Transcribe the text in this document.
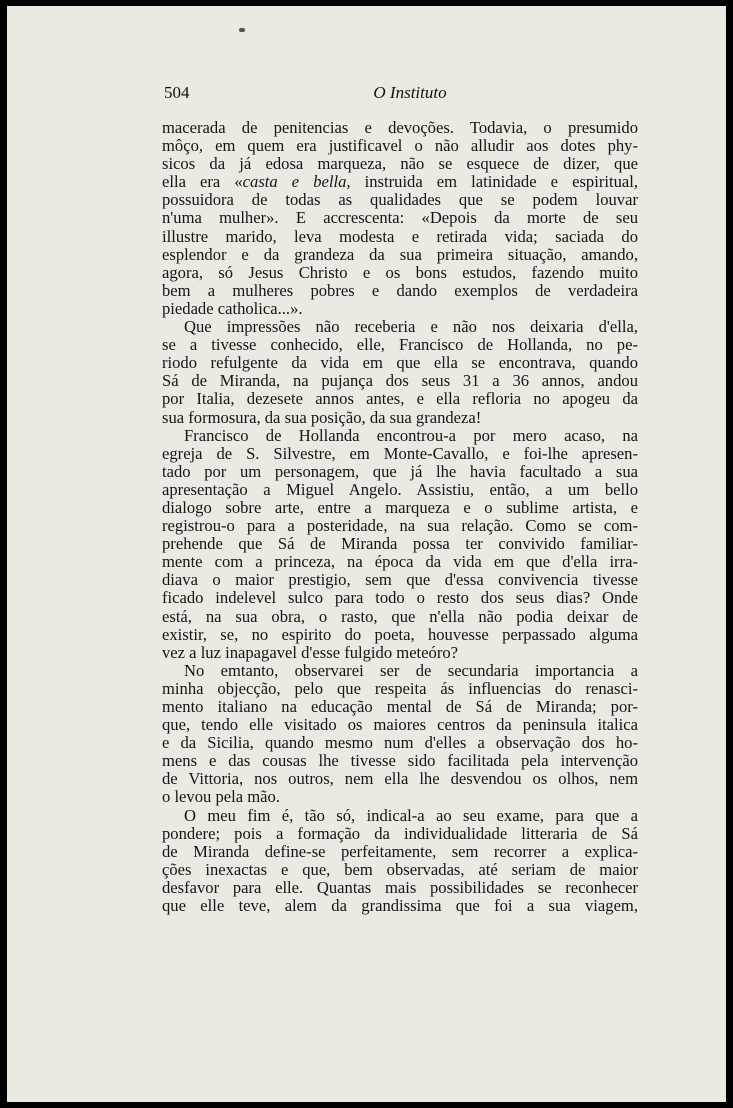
504	O Instituto
macerada de penitencias e devoções. Todavia, o presumido
môço, em quem era justificavel o não alludir aos dotes phy-
sicos da já edosa marqueza, não se esquece de dizer, que
ella era «casta e bella, instruida em latinidade e espiritual,
possuidora de todas as qualidades que se podem louvar
n'uma mulher». E accrescenta: «Depois da morte de seu
illustre marido, leva modesta e retirada vida; saciada do
esplendor e da grandeza da sua primeira situação, amando,
agora, só Jesus Christo e os bons estudos, fazendo muito
bem a mulheres pobres e dando exemplos de verdadeira
piedade catholica...».
Que impressões não receberia e não nos deixaria d'ella,
se a tivesse conhecido, elle, Francisco de Hollanda, no pe-
riodo refulgente da vida em que ella se encontrava, quando
Sá de Miranda, na pujança dos seus 31 a 36 annos, andou
por Italia, dezesete annos antes, e ella refloria no apogeu da
sua formosura, da sua posição, da sua grandeza!
Francisco de Hollanda encontrou-a por mero acaso, na
egreja de S. Silvestre, em Monte-Cavallo, e foi-lhe apresen-
tado por um personagem, que já lhe havia facultado a sua
apresentação a Miguel Angelo. Assistiu, então, a um bello
dialogo sobre arte, entre a marqueza e o sublime artista, e
registrou-o para a posteridade, na sua relação. Como se com-
prehende que Sá de Miranda possa ter convivido familiar-
mente com a princeza, na época da vida em que d'ella irra-
diava o maior prestigio, sem que d'essa convivencia tivesse
ficado indelevel sulco para todo o resto dos seus dias? Onde
está, na sua obra, o rasto, que n'ella não podia deixar de
existir, se, no espirito do poeta, houvesse perpassado alguma
vez a luz inapagavel d'esse fulgido meteóro?
No emtanto, observarei ser de secundaria importancia a
minha objecção, pelo que respeita ás influencias do renasci-
mento italiano na educação mental de Sá de Miranda; por-
que, tendo elle visitado os maiores centros da peninsula italica
e da Sicilia, quando mesmo num d'elles a observação dos ho-
mens e das cousas lhe tivesse sido facilitada pela intervenção
de Vittoria, nos outros, nem ella lhe desvendou os olhos, nem
o levou pela mão.
O meu fim é, tão só, indical-a ao seu exame, para que a
pondere; pois a formação da individualidade litteraria de Sá
de Miranda define-se perfeitamente, sem recorrer a explica-
ções inexactas e que, bem observadas, até seriam de maior
desfavor para elle. Quantas mais possibilidades se reconhecer
que elle teve, alem da grandissima que foi a sua viagem,
